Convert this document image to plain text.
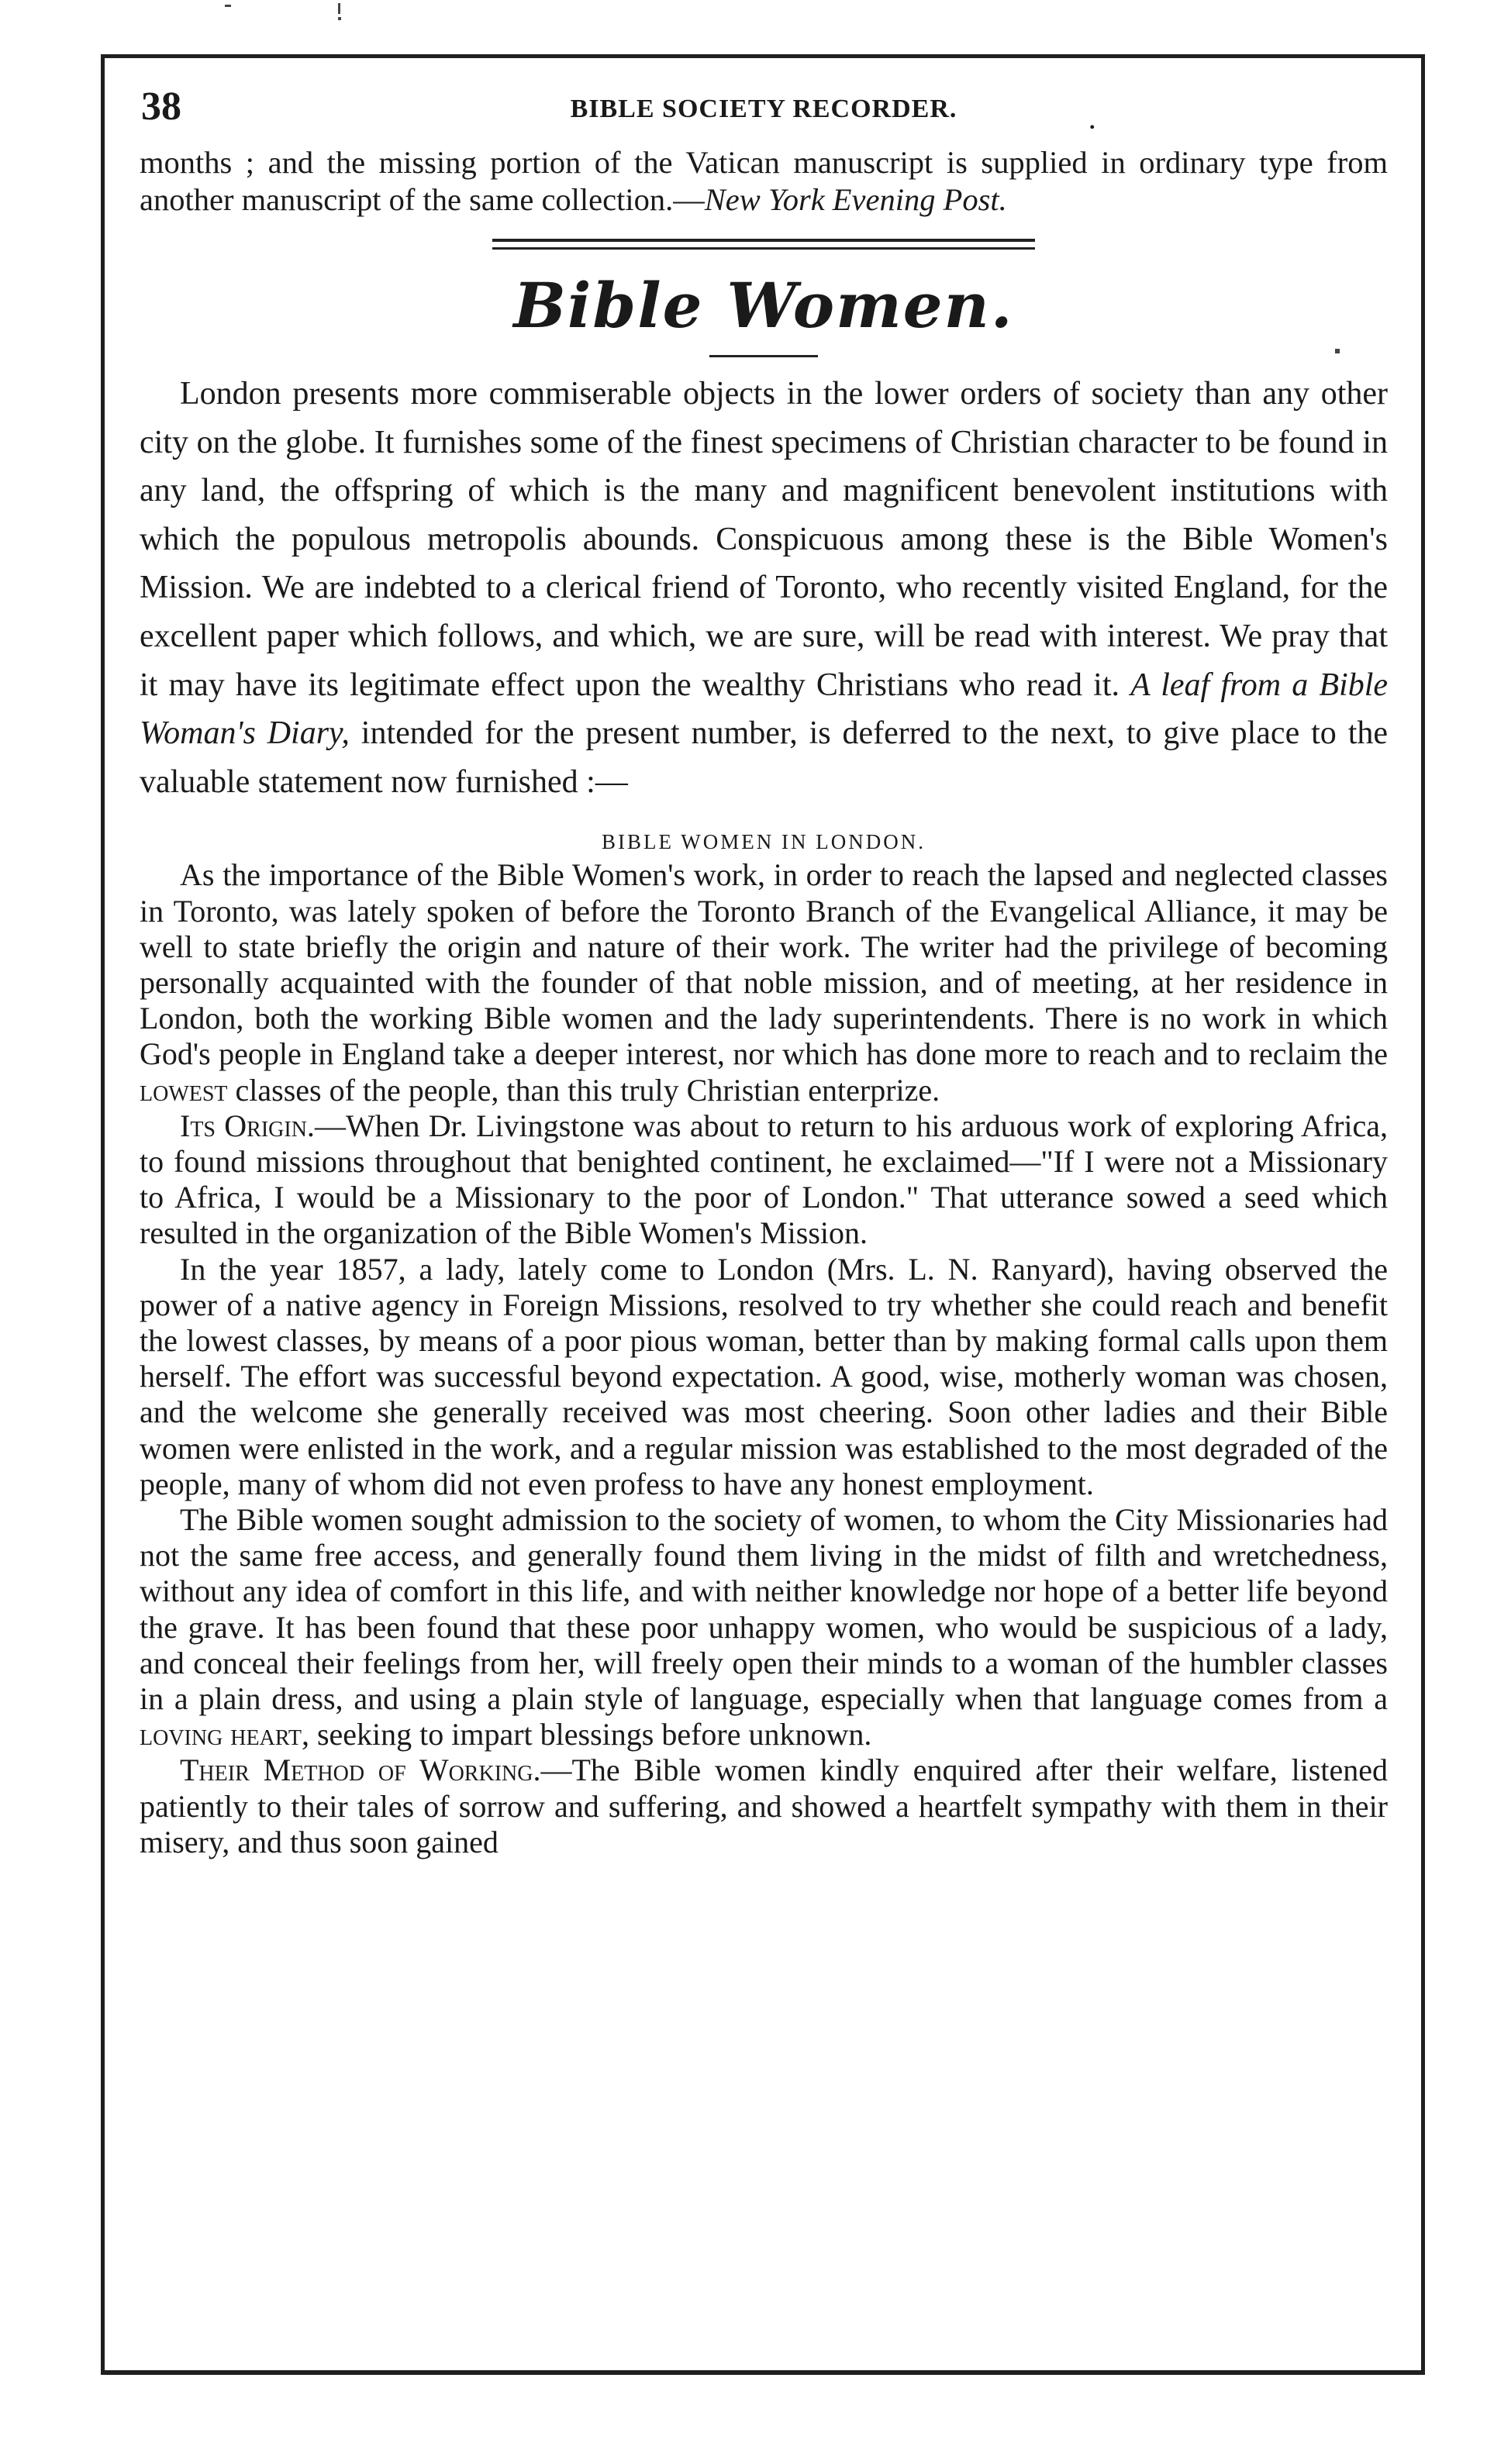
38	BIBLE SOCIETY RECORDER.	.

months ; and the missing portion of the Vatican manuscript is supplied in ordinary type from another manuscript of the same collection.—New York Evening Post.

Bible Women.

London presents more commiserable objects in the lower orders of society than any other city on the globe. It furnishes some of the finest specimens of Christian character to be found in any land, the offspring of which is the many and magnificent benevolent institutions with which the populous metropolis abounds. Conspicuous among these is the Bible Women's Mission. We are indebted to a clerical friend of Toronto, who recently visited England, for the excellent paper which follows, and which, we are sure, will be read with interest. We pray that it may have its legitimate effect upon the wealthy Christians who read it. A leaf from a Bible Woman's Diary, intended for the present number, is deferred to the next, to give place to the valuable statement now furnished :—

BIBLE WOMEN IN LONDON.

As the importance of the Bible Women's work, in order to reach the lapsed and neglected classes in Toronto, was lately spoken of before the Toronto Branch of the Evangelical Alliance, it may be well to state briefly the origin and nature of their work. The writer had the privilege of becoming personally acquainted with the founder of that noble mission, and of meeting, at her residence in London, both the working Bible women and the lady superintendents. There is no work in which God's people in England take a deeper interest, nor which has done more to reach and to reclaim the lowest classes of the people, than this truly Christian enterprize.

Its Origin.—When Dr. Livingstone was about to return to his arduous work of exploring Africa, to found missions throughout that benighted continent, he exclaimed—"If I were not a Missionary to Africa, I would be a Missionary to the poor of London." That utterance sowed a seed which resulted in the organization of the Bible Women's Mission.

In the year 1857, a lady, lately come to London (Mrs. L. N. Ranyard), having observed the power of a native agency in Foreign Missions, resolved to try whether she could reach and benefit the lowest classes, by means of a poor pious woman, better than by making formal calls upon them herself. The effort was successful beyond expectation. A good, wise, motherly woman was chosen, and the welcome she generally received was most cheering. Soon other ladies and their Bible women were enlisted in the work, and a regular mission was established to the most degraded of the people, many of whom did not even profess to have any honest employment.

The Bible women sought admission to the society of women, to whom the City Missionaries had not the same free access, and generally found them living in the midst of filth and wretchedness, without any idea of comfort in this life, and with neither knowledge nor hope of a better life beyond the grave. It has been found that these poor unhappy women, who would be suspicious of a lady, and conceal their feelings from her, will freely open their minds to a woman of the humbler classes in a plain dress, and using a plain style of language, especially when that language comes from a loving heart, seeking to impart blessings before unknown.

Their Method of Working.—The Bible women kindly enquired after their welfare, listened patiently to their tales of sorrow and suffering, and showed a heartfelt sympathy with them in their misery, and thus soon gained
